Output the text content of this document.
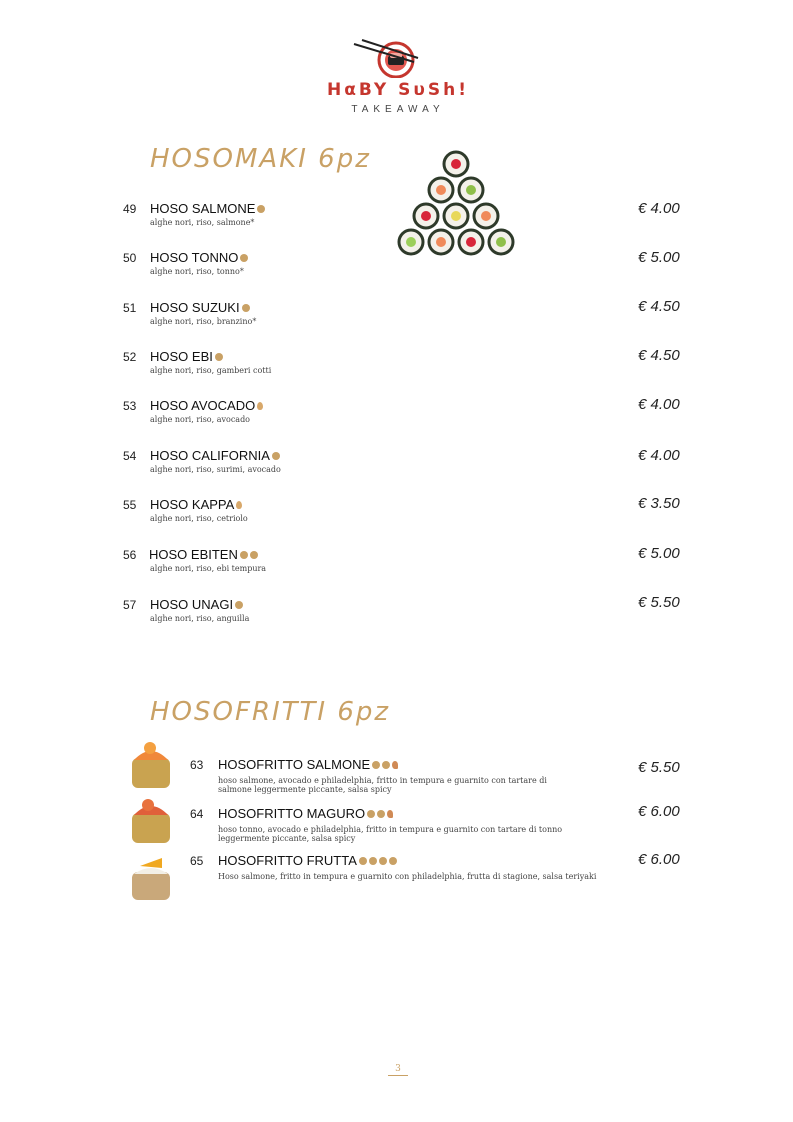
HαBY SυSh!
TAKEAWAY
HOSOMAKI 6pz
49 HOSO SALMONE
alghe nori, riso, salmone*
€ 4.00
50 HOSO TONNO
alghe nori, riso, tonno*
€ 5.00
51 HOSO SUZUKI
alghe nori, riso, branzino*
€ 4.50
52 HOSO EBI
alghe nori, riso, gamberi cotti
€ 4.50
53 HOSO AVOCADO
alghe nori, riso, avocado
€ 4.00
54 HOSO CALIFORNIA
alghe nori, riso, surimi, avocado
€ 4.00
55 HOSO KAPPA
alghe nori, riso, cetriolo
€ 3.50
56 HOSO EBITEN
alghe nori, riso, ebi tempura
€ 5.00
57 HOSO UNAGI
alghe nori, riso, anguilla
€ 5.50
HOSOFRITTI 6pz
63 HOSOFRITTO SALMONE
hoso salmone, avocado e philadelphia, fritto in tempura e guarnito con tartare di salmone leggermente piccante, salsa spicy
€ 5.50
64 HOSOFRITTO MAGURO
hoso tonno, avocado e philadelphia, fritto in tempura e guarnito con tartare di tonno leggermente piccante, salsa spicy
€ 6.00
65 HOSOFRITTO FRUTTA
Hoso salmone, fritto in tempura e guarnito con philadelphia, frutta di stagione, salsa teriyaki
€ 6.00
3
